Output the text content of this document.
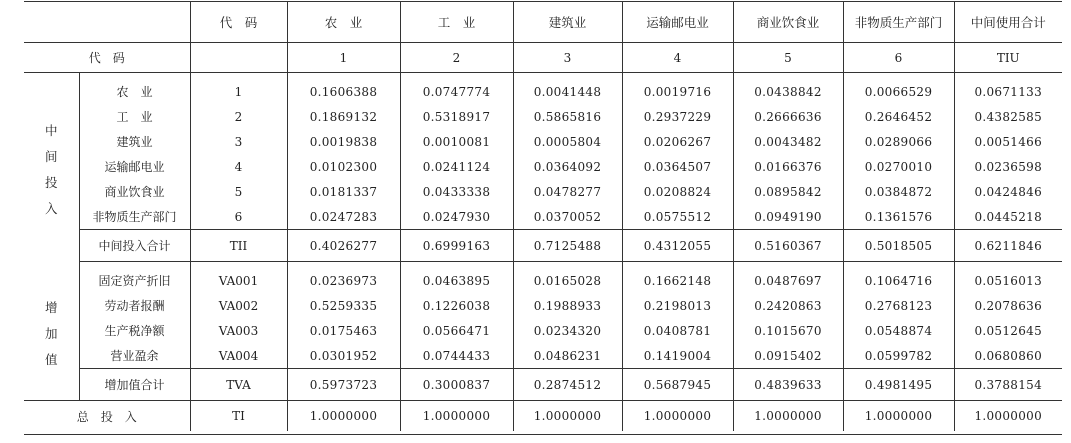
		代　码	农　业	工　业	建筑业	运输邮电业	商业饮食业	非物质生产部门	中间使用合计
代　码			1	2	3	4	5	6	TIU

中
间
投
入	农　业	1	0.1606388	0.0747774	0.0041448	0.0019716	0.0438842	0.0066529	0.0671133
	工　业	2	0.1869132	0.5318917	0.5865816	0.2937229	0.2666636	0.2646452	0.4382585
	建筑业	3	0.0019838	0.0010081	0.0005804	0.0206267	0.0043482	0.0289066	0.0051466
	运输邮电业	4	0.0102300	0.0241124	0.0364092	0.0364507	0.0166376	0.0270010	0.0236598
	商业饮食业	5	0.0181337	0.0433338	0.0478277	0.0208824	0.0895842	0.0384872	0.0424846
	非物质生产部门	6	0.0247283	0.0247930	0.0370052	0.0575512	0.0949190	0.1361576	0.0445218
	中间投入合计	TII	0.4026277	0.6999163	0.7125488	0.4312055	0.5160367	0.5018505	0.6211846

增
加
值	固定资产折旧	VA001	0.0236973	0.0463895	0.0165028	0.1662148	0.0487697	0.1064716	0.0516013
	劳动者报酬	VA002	0.5259335	0.1226038	0.1988933	0.2198013	0.2420863	0.2768123	0.2078636
	生产税净额	VA003	0.0175463	0.0566471	0.0234320	0.0408781	0.1015670	0.0548874	0.0512645
	营业盈余	VA004	0.0301952	0.0744433	0.0486231	0.1419004	0.0915402	0.0599782	0.0680860
	增加值合计	TVA	0.5973723	0.3000837	0.2874512	0.5687945	0.4839633	0.4981495	0.3788154
总　投　入		TI	1.0000000	1.0000000	1.0000000	1.0000000	1.0000000	1.0000000	1.0000000
